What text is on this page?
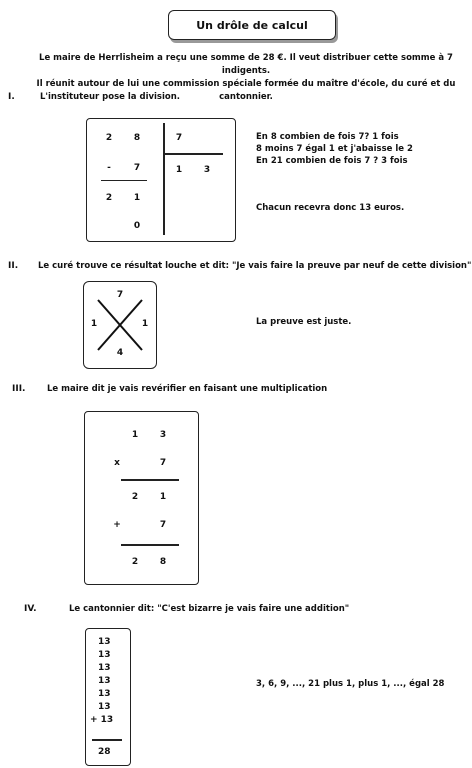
Un drôle de calcul
Le maire de Herrlisheim a reçu une somme de 28 €. Il veut distribuer cette somme à 7 indigents.
Il réunit autour de lui une commission spéciale formée du maître d'école, du curé et du cantonnier.
I.	L'instituteur pose la division.
2	8	7
-	7	1	3
2	1
0
En 8 combien de fois 7? 1 fois
8 moins 7 égal 1 et j'abaisse le 2
En 21 combien de fois 7 ? 3 fois
Chacun recevra donc 13 euros.
II. Le curé trouve ce résultat louche et dit: "Je vais faire la preuve par neuf de cette division"
7
1	1
4
La preuve est juste.
III.	Le maire dit je vais revérifier en faisant une multiplication
1	3
x	7
2	1
+	7
2	8
IV.	Le cantonnier dit: "C'est bizarre je vais faire une addition"
13
13
13
13
13
13
+ 13
28
3, 6, 9, ..., 21 plus 1, plus 1, ..., égal 28
